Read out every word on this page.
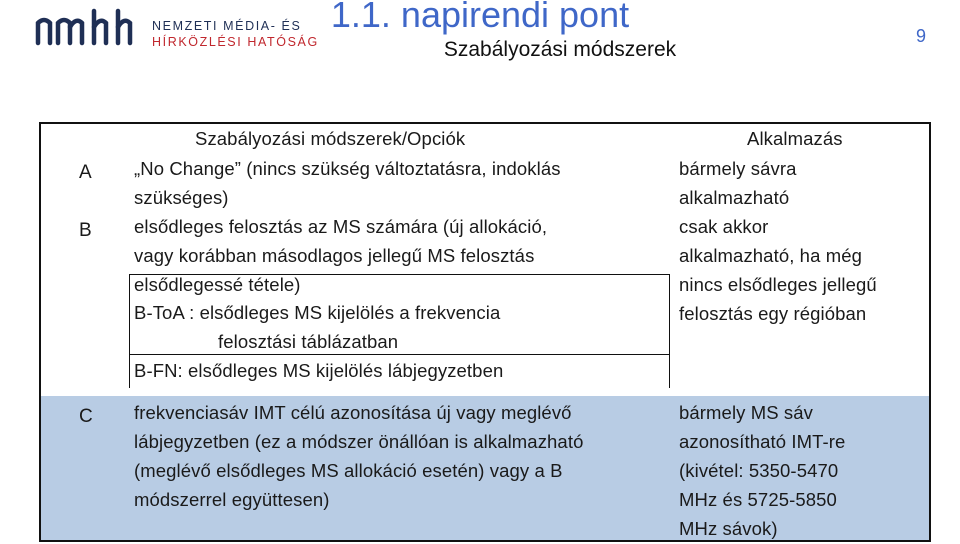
NEMZETI MÉDIA- ÉS
HÍRKÖZLÉSI HATÓSÁG
1.1. napirendi pont
Szabályozási módszerek
9
Szabályozási módszerek/Opciók	Alkalmazás
A „No Change” (nincs szükség változtatásra, indoklás
szükséges)
bármely sávra
alkalmazható
B elsődleges felosztás az MS számára (új allokáció,
vagy korábban másodlagos jellegű MS felosztás
elsődlegessé tétele)
B-ToA : elsődleges MS kijelölés a frekvencia
felosztási táblázatban
B-FN: elsődleges MS kijelölés lábjegyzetben
csak akkor
alkalmazható, ha még
nincs elsődleges jellegű
felosztás egy régióban
C frekvenciasáv IMT célú azonosítása új vagy meglévő
lábjegyzetben (ez a módszer önállóan is alkalmazható
(meglévő elsődleges MS allokáció esetén) vagy a B
módszerrel együttesen)
bármely MS sáv
azonosítható IMT-re
(kivétel: 5350-5470
MHz és 5725-5850
MHz sávok)
